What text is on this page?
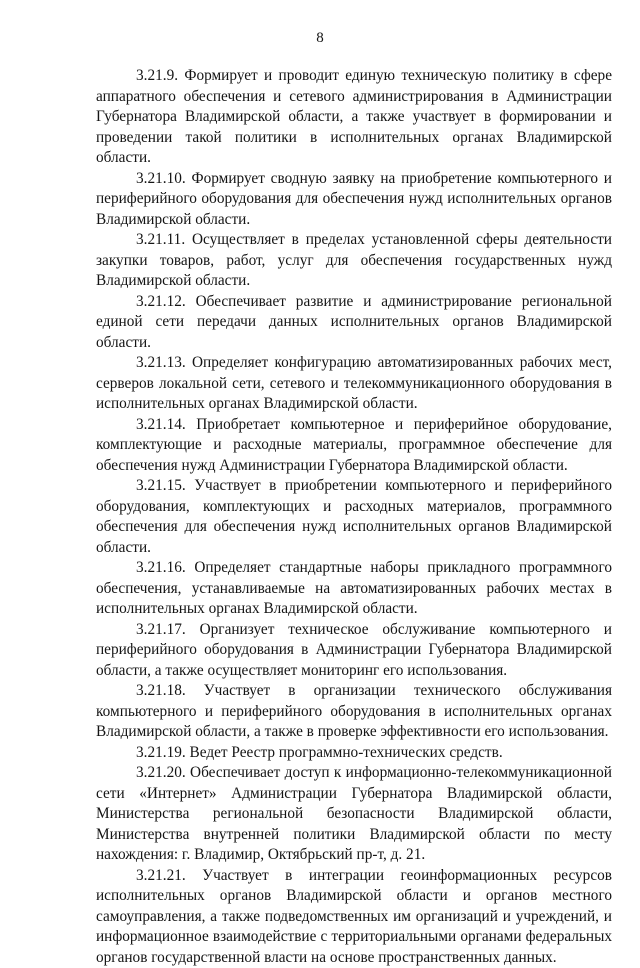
8

3.21.9. Формирует и проводит единую техническую политику в сфере аппаратного обеспечения и сетевого администрирования в Администрации Губернатора Владимирской области, а также участвует в формировании и проведении такой политики в исполнительных органах Владимирской области.

3.21.10. Формирует сводную заявку на приобретение компьютерного и периферийного оборудования для обеспечения нужд исполнительных органов Владимирской области.

3.21.11. Осуществляет в пределах установленной сферы деятельности закупки товаров, работ, услуг для обеспечения государственных нужд Владимирской области.

3.21.12. Обеспечивает развитие и администрирование региональной единой сети передачи данных исполнительных органов Владимирской области.

3.21.13. Определяет конфигурацию автоматизированных рабочих мест, серверов локальной сети, сетевого и телекоммуникационного оборудования в исполнительных органах Владимирской области.

3.21.14. Приобретает компьютерное и периферийное оборудование, комплектующие и расходные материалы, программное обеспечение для обеспечения нужд Администрации Губернатора Владимирской области.

3.21.15. Участвует в приобретении компьютерного и периферийного оборудования, комплектующих и расходных материалов, программного обеспечения для обеспечения нужд исполнительных органов Владимирской области.

3.21.16. Определяет стандартные наборы прикладного программного обеспечения, устанавливаемые на автоматизированных рабочих местах в исполнительных органах Владимирской области.

3.21.17. Организует техническое обслуживание компьютерного и периферийного оборудования в Администрации Губернатора Владимирской области, а также осуществляет мониторинг его использования.

3.21.18. Участвует в организации технического обслуживания компьютерного и периферийного оборудования в исполнительных органах Владимирской области, а также в проверке эффективности его использования.

3.21.19. Ведет Реестр программно-технических средств.

3.21.20. Обеспечивает доступ к информационно-телекоммуникационной сети «Интернет» Администрации Губернатора Владимирской области, Министерства региональной безопасности Владимирской области, Министерства внутренней политики Владимирской области по месту нахождения: г. Владимир, Октябрьский пр-т, д. 21.

3.21.21. Участвует в интеграции геоинформационных ресурсов исполнительных органов Владимирской области и органов местного самоуправления, а также подведомственных им организаций и учреждений, и информационное взаимодействие с территориальными органами федеральных органов государственной власти на основе пространственных данных.
